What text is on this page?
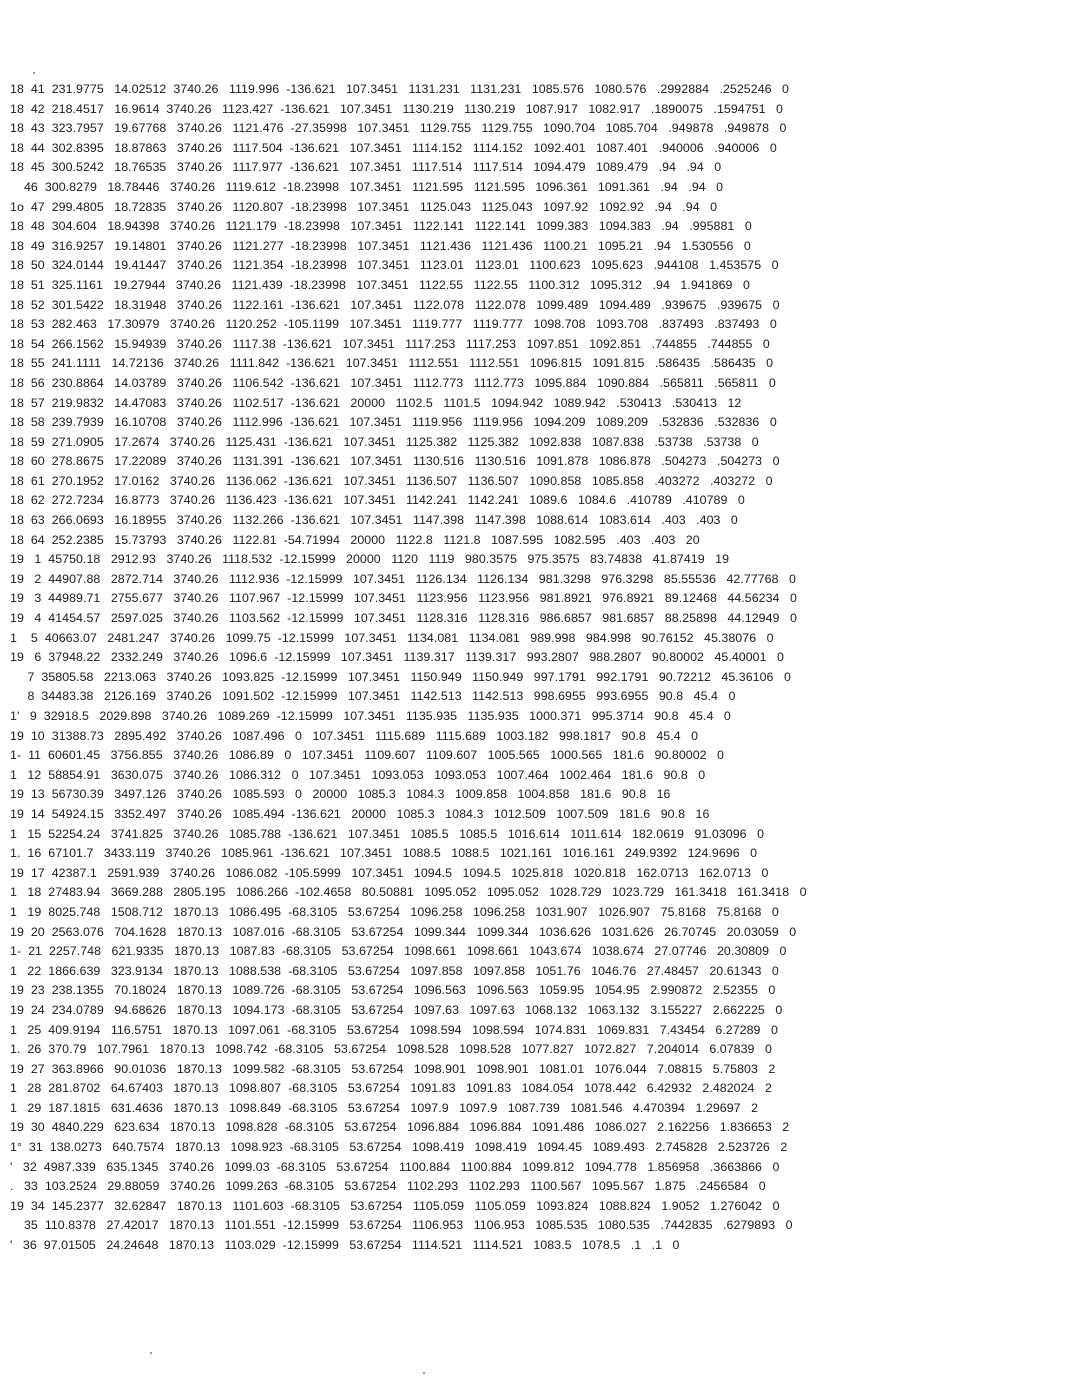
18  41  231.9775   14.02512  3740.26   1119.996  -136.621   107.3451   1131.231   1131.231   1085.576   1080.576   .2992884   .2525246   0
18  42  218.4517   16.9614  3740.26   1123.427  -136.621   107.3451   1130.219   1130.219   1087.917   1082.917   .1890075   .1594751   0
18  43  323.7957   19.67768   3740.26   1121.476  -27.35998   107.3451   1129.755   1129.755   1090.704   1085.704   .949878   .949878   0
18  44  302.8395   18.87863   3740.26   1117.504  -136.621   107.3451   1114.152   1114.152   1092.401   1087.401   .940006   .940006   0
18  45  300.5242   18.76535   3740.26   1117.977  -136.621   107.3451   1117.514   1117.514   1094.479   1089.479   .94   .94   0
46  300.8279   18.78446   3740.26   1119.612  -18.23998   107.3451   1121.595   1121.595   1096.361   1091.361   .94   .94   0
1o  47  299.4805   18.72835   3740.26   1120.807  -18.23998   107.3451   1125.043   1125.043   1097.92   1092.92   .94   .94   0
18  48  304.604   18.94398   3740.26   1121.179  -18.23998   107.3451   1122.141   1122.141   1099.383   1094.383   .94   .995881   0
18  49  316.9257   19.14801   3740.26   1121.277  -18.23998   107.3451   1121.436   1121.436   1100.21   1095.21   .94   1.530556   0
18  50  324.0144   19.41447   3740.26   1121.354  -18.23998   107.3451   1123.01   1123.01   1100.623   1095.623   .944108   1.453575   0
18  51  325.1161   19.27944   3740.26   1121.439  -18.23998   107.3451   1122.55   1122.55   1100.312   1095.312   .94   1.941869   0
18  52  301.5422   18.31948   3740.26   1122.161  -136.621   107.3451   1122.078   1122.078   1099.489   1094.489   .939675   .939675   0
18  53  282.463   17.30979   3740.26   1120.252  -105.1199   107.3451   1119.777   1119.777   1098.708   1093.708   .837493   .837493   0
18  54  266.1562   15.94939   3740.26   1117.38  -136.621   107.3451   1117.253   1117.253   1097.851   1092.851   .744855   .744855   0
18  55  241.1111   14.72136   3740.26   1111.842  -136.621   107.3451   1112.551   1112.551   1096.815   1091.815   .586435   .586435   0
18  56  230.8864   14.03789   3740.26   1106.542  -136.621   107.3451   1112.773   1112.773   1095.884   1090.884   .565811   .565811   0
18  57  219.9832   14.47083   3740.26   1102.517  -136.621   20000   1102.5   1101.5   1094.942   1089.942   .530413   .530413   12
18  58  239.7939   16.10708   3740.26   1112.996  -136.621   107.3451   1119.956   1119.956   1094.209   1089.209   .532836   .532836   0
18  59  271.0905   17.2674   3740.26   1125.431  -136.621   107.3451   1125.382   1125.382   1092.838   1087.838   .53738   .53738   0
18  60  278.8675   17.22089   3740.26   1131.391  -136.621   107.3451   1130.516   1130.516   1091.878   1086.878   .504273   .504273   0
18  61  270.1952   17.0162   3740.26   1136.062  -136.621   107.3451   1136.507   1136.507   1090.858   1085.858   .403272   .403272   0
18  62  272.7234   16.8773   3740.26   1136.423  -136.621   107.3451   1142.241   1142.241   1089.6   1084.6   .410789   .410789   0
18  63  266.0693   16.18955   3740.26   1132.266  -136.621   107.3451   1147.398   1147.398   1088.614   1083.614   .403   .403   0
18  64  252.2385   15.73793   3740.26   1122.81  -54.71994   20000   1122.8   1121.8   1087.595   1082.595   .403   .403   20
19   1  45750.18   2912.93   3740.26   1118.532  -12.15999   20000   1120   1119   980.3575   975.3575   83.74838   41.87419   19
19   2  44907.88   2872.714   3740.26   1112.936  -12.15999   107.3451   1126.134   1126.134   981.3298   976.3298   85.55536   42.77768   0
19   3  44989.71   2755.677   3740.26   1107.967  -12.15999   107.3451   1123.956   1123.956   981.8921   976.8921   89.12468   44.56234   0
19   4  41454.57   2597.025   3740.26   1103.562  -12.15999   107.3451   1128.316   1128.316   986.6857   981.6857   88.25898   44.12949   0
1    5  40663.07   2481.247   3740.26   1099.75  -12.15999   107.3451   1134.081   1134.081   989.998   984.998   90.76152   45.38076   0
19   6  37948.22   2332.249   3740.26   1096.6  -12.15999   107.3451   1139.317   1139.317   993.2807   988.2807   90.80002   45.40001   0
7  35805.58   2213.063   3740.26   1093.825  -12.15999   107.3451   1150.949   1150.949   997.1791   992.1791   90.72212   45.36106   0
8  34483.38   2126.169   3740.26   1091.502  -12.15999   107.3451   1142.513   1142.513   998.6955   993.6955   90.8   45.4   0
1'   9  32918.5   2029.898   3740.26   1089.269  -12.15999   107.3451   1135.935   1135.935   1000.371   995.3714   90.8   45.4   0
19  10  31388.73   2895.492   3740.26   1087.496   0   107.3451   1115.689   1115.689   1003.182   998.1817   90.8   45.4   0
1-  11  60601.45   3756.855   3740.26   1086.89   0   107.3451   1109.607   1109.607   1005.565   1000.565   181.6   90.80002   0
1   12  58854.91   3630.075   3740.26   1086.312   0   107.3451   1093.053   1093.053   1007.464   1002.464   181.6   90.8   0
19  13  56730.39   3497.126   3740.26   1085.593   0   20000   1085.3   1084.3   1009.858   1004.858   181.6   90.8   16
19  14  54924.15   3352.497   3740.26   1085.494  -136.621   20000   1085.3   1084.3   1012.509   1007.509   181.6   90.8   16
1   15  52254.24   3741.825   3740.26   1085.788  -136.621   107.3451   1085.5   1085.5   1016.614   1011.614   182.0619   91.03096   0
1.  16  67101.7   3433.119   3740.26   1085.961  -136.621   107.3451   1088.5   1088.5   1021.161   1016.161   249.9392   124.9696   0
19  17  42387.1   2591.939   3740.26   1086.082  -105.5999   107.3451   1094.5   1094.5   1025.818   1020.818   162.0713   162.0713   0
1   18  27483.94   3669.288   2805.195   1086.266  -102.4658   80.50881   1095.052   1095.052   1028.729   1023.729   161.3418   161.3418   0
1   19  8025.748   1508.712   1870.13   1086.495  -68.3105   53.67254   1096.258   1096.258   1031.907   1026.907   75.8168   75.8168   0
19  20  2563.076   704.1628   1870.13   1087.016  -68.3105   53.67254   1099.344   1099.344   1036.626   1031.626   26.70745   20.03059   0
1-  21  2257.748   621.9335   1870.13   1087.83  -68.3105   53.67254   1098.661   1098.661   1043.674   1038.674   27.07746   20.30809   0
1   22  1866.639   323.9134   1870.13   1088.538  -68.3105   53.67254   1097.858   1097.858   1051.76   1046.76   27.48457   20.61343   0
19  23  238.1355   70.18024   1870.13   1089.726  -68.3105   53.67254   1096.563   1096.563   1059.95   1054.95   2.990872   2.52355   0
19  24  234.0789   94.68626   1870.13   1094.173  -68.3105   53.67254   1097.63   1097.63   1068.132   1063.132   3.155227   2.662225   0
1   25  409.9194   116.5751   1870.13   1097.061  -68.3105   53.67254   1098.594   1098.594   1074.831   1069.831   7.43454   6.27289   0
1.  26  370.79   107.7961   1870.13   1098.742  -68.3105   53.67254   1098.528   1098.528   1077.827   1072.827   7.204014   6.07839   0
19  27  363.8966   90.01036   1870.13   1099.582  -68.3105   53.67254   1098.901   1098.901   1081.01   1076.044   7.08815   5.75803   2
1   28  281.8702   64.67403   1870.13   1098.807  -68.3105   53.67254   1091.83   1091.83   1084.054   1078.442   6.42932   2.482024   2
1   29  187.1815   631.4636   1870.13   1098.849  -68.3105   53.67254   1097.9   1097.9   1087.739   1081.546   4.470394   1.29697   2
19  30  4840.229   623.634   1870.13   1098.828  -68.3105   53.67254   1096.884   1096.884   1091.486   1086.027   2.162256   1.836653   2
1°  31  138.0273   640.7574   1870.13   1098.923  -68.3105   53.67254   1098.419   1098.419   1094.45   1089.493   2.745828   2.523726   2
'   32  4987.339   635.1345   3740.26   1099.03  -68.3105   53.67254   1100.884   1100.884   1099.812   1094.778   1.856958   .3663866   0
.   33  103.2524   29.88059   3740.26   1099.263  -68.3105   53.67254   1102.293   1102.293   1100.567   1095.567   1.875   .2456584   0
19  34  145.2377   32.62847   1870.13   1101.603  -68.3105   53.67254   1105.059   1105.059   1093.824   1088.824   1.9052   1.276042   0
35  110.8378   27.42017   1870.13   1101.551  -12.15999   53.67254   1106.953   1106.953   1085.535   1080.535   .7442835   .6279893   0
'   36  97.01505   24.24648   1870.13   1103.029  -12.15999   53.67254   1114.521   1114.521   1083.5   1078.5   .1   .1   0
